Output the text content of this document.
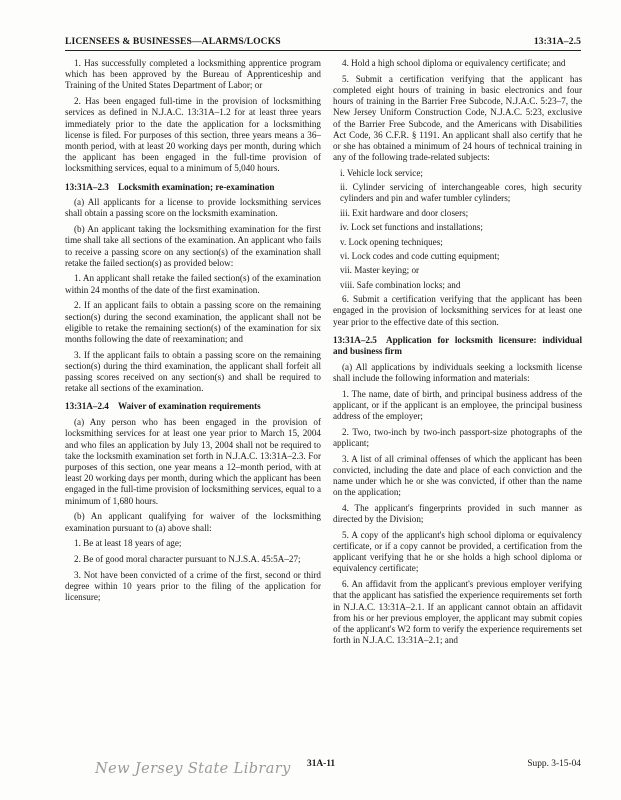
LICENSEES & BUSINESSES—ALARMS/LOCKS	13:31A–2.5

1. Has successfully completed a locksmithing apprentice program which has been approved by the Bureau of Apprenticeship and Training of the United States Department of Labor; or

2. Has been engaged full-time in the provision of locksmithing services as defined in N.J.A.C. 13:31A–1.2 for at least three years immediately prior to the date the application for a locksmithing license is filed. For purposes of this section, three years means a 36–month period, with at least 20 working days per month, during which the applicant has been engaged in the full-time provision of locksmithing services, equal to a minimum of 5,040 hours.

13:31A–2.3  Locksmith examination; re-examination

(a) All applicants for a license to provide locksmithing services shall obtain a passing score on the locksmith examination.

(b) An applicant taking the locksmithing examination for the first time shall take all sections of the examination. An applicant who fails to receive a passing score on any section(s) of the examination shall retake the failed section(s) as provided below:

1. An applicant shall retake the failed section(s) of the examination within 24 months of the date of the first examination.

2. If an applicant fails to obtain a passing score on the remaining section(s) during the second examination, the applicant shall not be eligible to retake the remaining section(s) of the examination for six months following the date of reexamination; and

3. If the applicant fails to obtain a passing score on the remaining section(s) during the third examination, the applicant shall forfeit all passing scores received on any section(s) and shall be required to retake all sections of the examination.

13:31A–2.4  Waiver of examination requirements

(a) Any person who has been engaged in the provision of locksmithing services for at least one year prior to March 15, 2004 and who files an application by July 13, 2004 shall not be required to take the locksmith examination set forth in N.J.A.C. 13:31A–2.3. For purposes of this section, one year means a 12–month period, with at least 20 working days per month, during which the applicant has been engaged in the full-time provision of locksmithing services, equal to a minimum of 1,680 hours.

(b) An applicant qualifying for waiver of the locksmithing examination pursuant to (a) above shall:

1. Be at least 18 years of age;

2. Be of good moral character pursuant to N.J.S.A. 45:5A–27;

3. Not have been convicted of a crime of the first, second or third degree within 10 years prior to the filing of the application for licensure;

4. Hold a high school diploma or equivalency certificate; and

5. Submit a certification verifying that the applicant has completed eight hours of training in basic electronics and four hours of training in the Barrier Free Subcode, N.J.A.C. 5:23–7, the New Jersey Uniform Construction Code, N.J.A.C. 5:23, exclusive of the Barrier Free Subcode, and the Americans with Disabilities Act Code, 36 C.F.R. § 1191. An applicant shall also certify that he or she has obtained a minimum of 24 hours of technical training in any of the following trade-related subjects:

i. Vehicle lock service;

ii. Cylinder servicing of interchangeable cores, high security cylinders and pin and wafer tumbler cylinders;

iii. Exit hardware and door closers;

iv. Lock set functions and installations;

v. Lock opening techniques;

vi. Lock codes and code cutting equipment;

vii. Master keying; or

viii. Safe combination locks; and

6. Submit a certification verifying that the applicant has been engaged in the provision of locksmithing services for at least one year prior to the effective date of this section.

13:31A–2.5  Application for locksmith licensure: individual and business firm

(a) All applications by individuals seeking a locksmith license shall include the following information and materials:

1. The name, date of birth, and principal business address of the applicant, or if the applicant is an employee, the principal business address of the employer;

2. Two, two-inch by two-inch passport-size photographs of the applicant;

3. A list of all criminal offenses of which the applicant has been convicted, including the date and place of each conviction and the name under which he or she was convicted, if other than the name on the application;

4. The applicant's fingerprints provided in such manner as directed by the Division;

5. A copy of the applicant's high school diploma or equivalency certificate, or if a copy cannot be provided, a certification from the applicant verifying that he or she holds a high school diploma or equivalency certificate;

6. An affidavit from the applicant's previous employer verifying that the applicant has satisfied the experience requirements set forth in N.J.A.C. 13:31A–2.1. If an applicant cannot obtain an affidavit from his or her previous employer, the applicant may submit copies of the applicant's W2 form to verify the experience requirements set forth in N.J.A.C. 13:31A–2.1; and

New Jersey State Library 31A-11	Supp. 3-15-04
